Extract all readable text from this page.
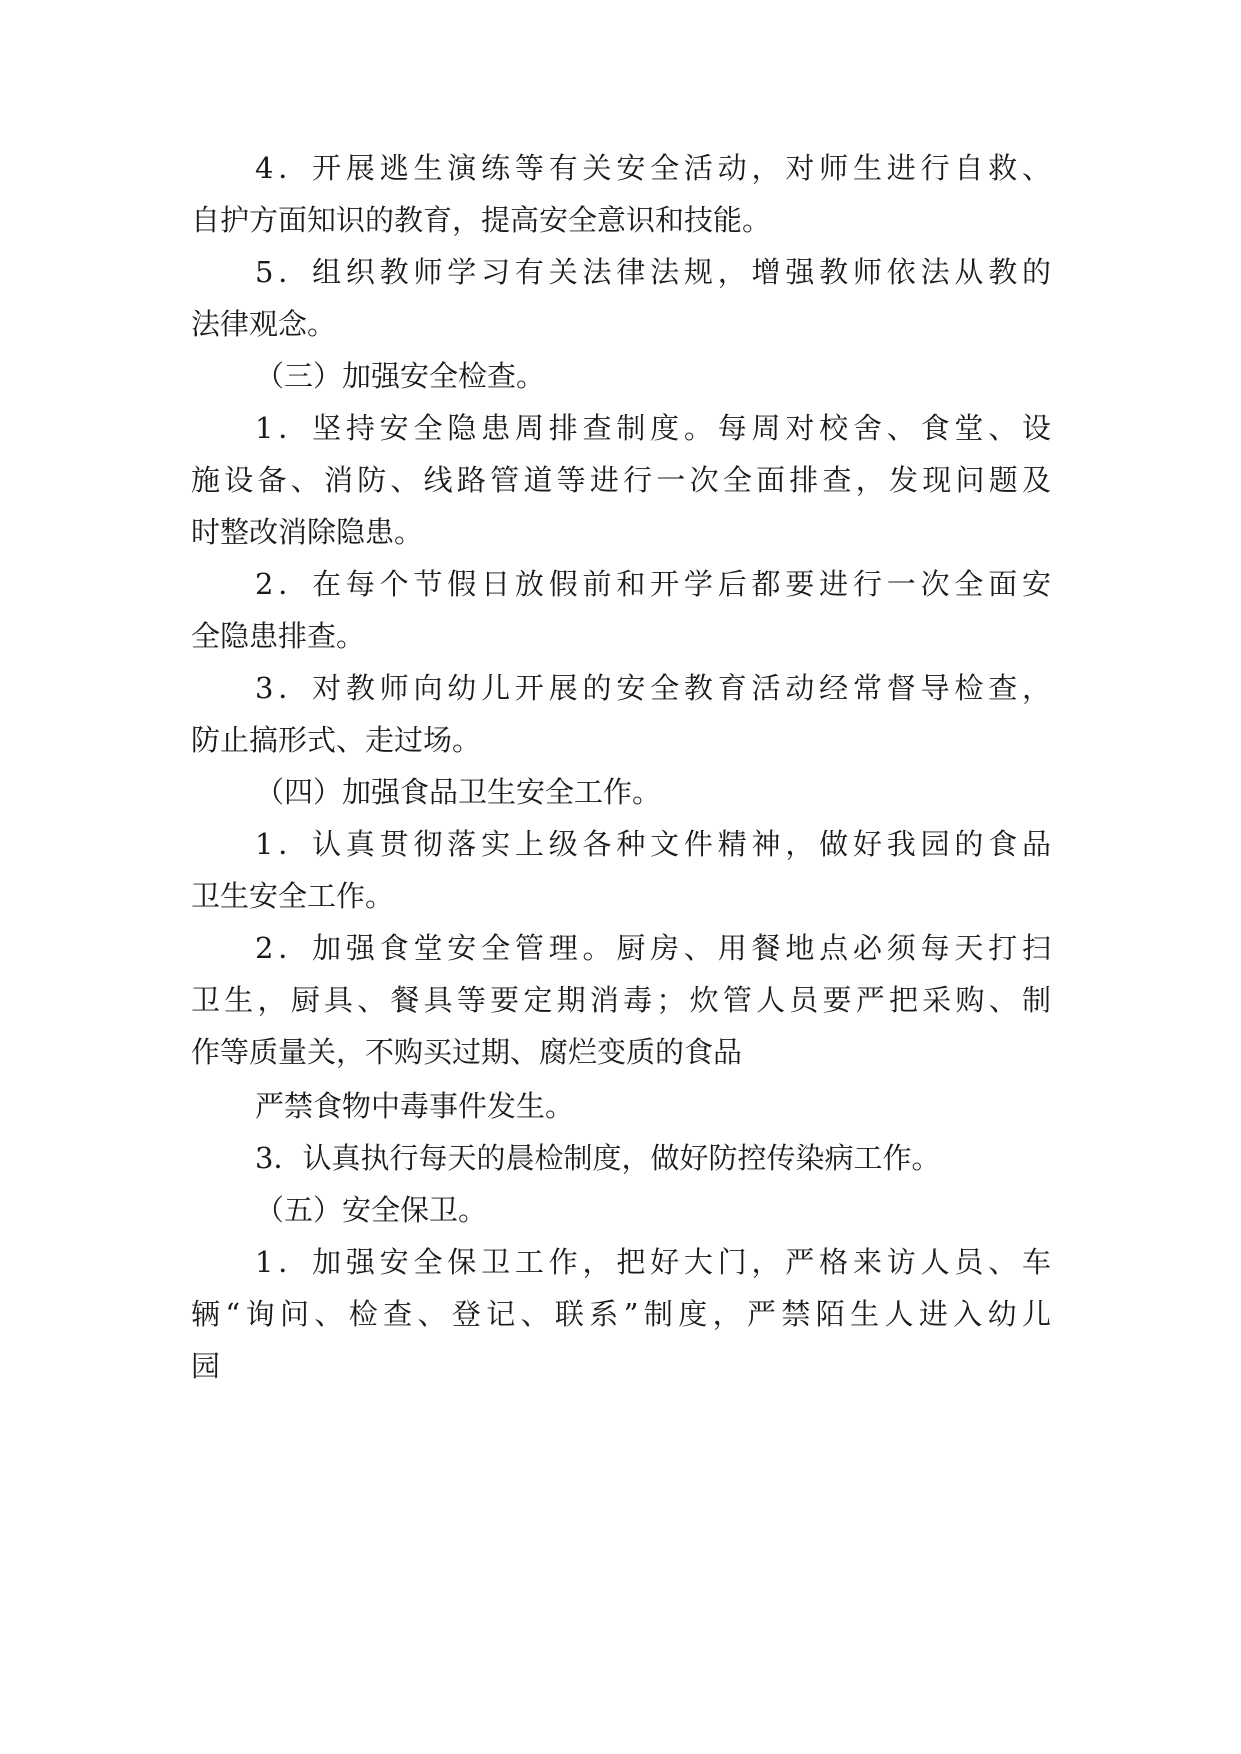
4．开展逃生演练等有关安全活动，对师生进行自救、
自护方面知识的教育，提高安全意识和技能。
5．组织教师学习有关法律法规，增强教师依法从教的
法律观念。
（三）加强安全检查。
1．坚持安全隐患周排查制度。每周对校舍、食堂、设
施设备、消防、线路管道等进行一次全面排查，发现问题及
时整改消除隐患。
2．在每个节假日放假前和开学后都要进行一次全面安
全隐患排查。
3．对教师向幼儿开展的安全教育活动经常督导检查，
防止搞形式、走过场。
（四）加强食品卫生安全工作。
1．认真贯彻落实上级各种文件精神，做好我园的食品
卫生安全工作。
2．加强食堂安全管理。厨房、用餐地点必须每天打扫
卫生，厨具、餐具等要定期消毒；炊管人员要严把采购、制
作等质量关，不购买过期、腐烂变质的食品
严禁食物中毒事件发生。
3．认真执行每天的晨检制度，做好防控传染病工作。
（五）安全保卫。
1．加强安全保卫工作，把好大门，严格来访人员、车
辆“询问、检查、登记、联系”制度，严禁陌生人进入幼儿
园
